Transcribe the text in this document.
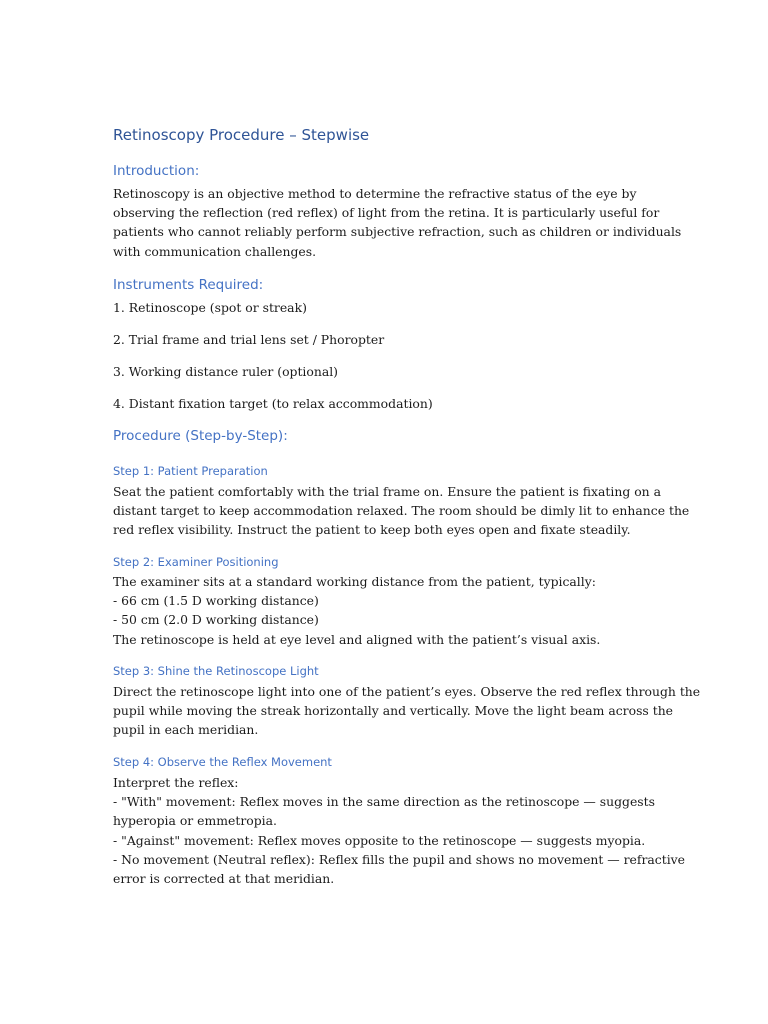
Retinoscopy Procedure – Stepwise
Introduction:
Retinoscopy is an objective method to determine the refractive status of the eye by
observing the reflection (red reflex) of light from the retina. It is particularly useful for
patients who cannot reliably perform subjective refraction, such as children or individuals
with communication challenges.
Instruments Required:

1. Retinoscope (spot or streak)

2. Trial frame and trial lens set / Phoropter

3. Working distance ruler (optional)

4. Distant fixation target (to relax accommodation)

Procedure (Step-by-Step):
Step 1: Patient Preparation
Seat the patient comfortably with the trial frame on. Ensure the patient is fixating on a
distant target to keep accommodation relaxed. The room should be dimly lit to enhance the
red reflex visibility. Instruct the patient to keep both eyes open and fixate steadily.
Step 2: Examiner Positioning
The examiner sits at a standard working distance from the patient, typically:
- 66 cm (1.5 D working distance)
- 50 cm (2.0 D working distance)
The retinoscope is held at eye level and aligned with the patient’s visual axis.
Step 3: Shine the Retinoscope Light
Direct the retinoscope light into one of the patient’s eyes. Observe the red reflex through the
pupil while moving the streak horizontally and vertically. Move the light beam across the
pupil in each meridian.
Step 4: Observe the Reflex Movement
Interpret the reflex:
- "With" movement: Reflex moves in the same direction as the retinoscope — suggests
hyperopia or emmetropia.
- "Against" movement: Reflex moves opposite to the retinoscope — suggests myopia.
- No movement (Neutral reflex): Reflex fills the pupil and shows no movement — refractive
error is corrected at that meridian.
